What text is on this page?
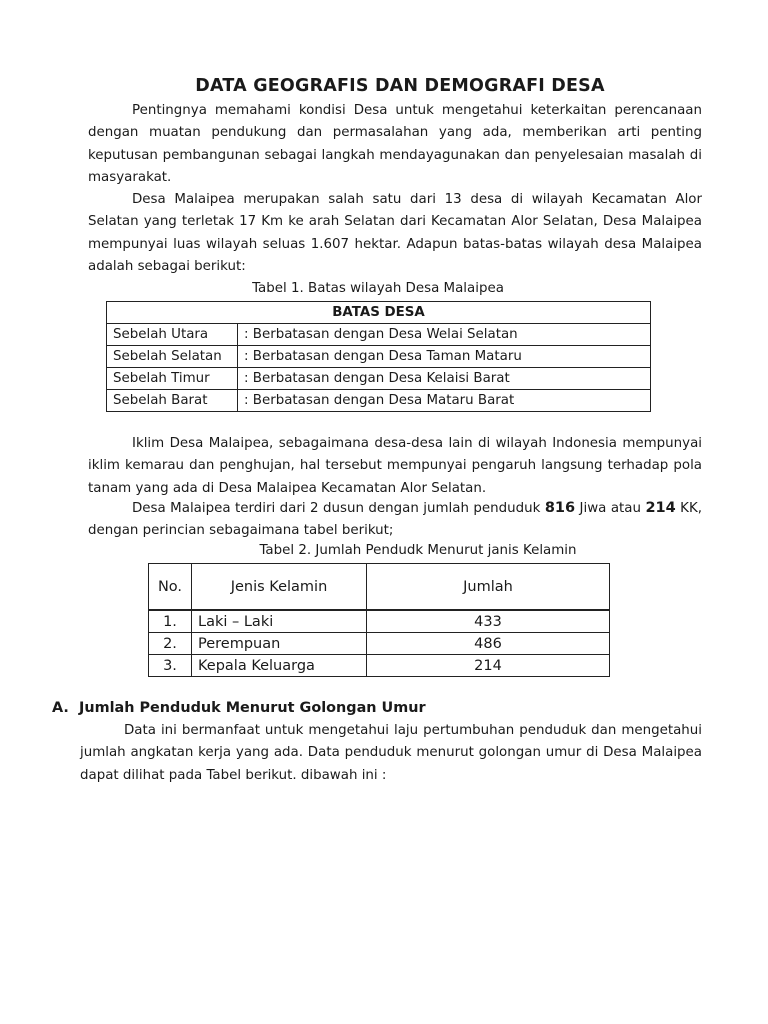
DATA GEOGRAFIS DAN DEMOGRAFI DESA
Pentingnya memahami kondisi Desa untuk mengetahui keterkaitan perencanaan dengan muatan pendukung dan permasalahan yang ada, memberikan arti penting keputusan pembangunan sebagai langkah mendayagunakan dan penyelesaian masalah di masyarakat.
Desa Malaipea merupakan salah satu dari 13 desa di wilayah Kecamatan Alor Selatan yang terletak 17 Km ke arah Selatan dari Kecamatan Alor Selatan, Desa Malaipea mempunyai luas wilayah seluas 1.607 hektar. Adapun batas-batas wilayah desa Malaipea adalah sebagai berikut:
Tabel 1. Batas wilayah Desa Malaipea
BATAS DESA	
Sebelah Utara	: Berbatasan dengan Desa Welai Selatan
Sebelah Selatan	: Berbatasan dengan Desa Taman Mataru
Sebelah Timur	: Berbatasan dengan Desa Kelaisi Barat
Sebelah Barat	: Berbatasan dengan Desa Mataru Barat
Iklim Desa Malaipea, sebagaimana desa-desa lain di wilayah Indonesia mempunyai iklim kemarau dan penghujan, hal tersebut mempunyai pengaruh langsung terhadap pola tanam yang ada di Desa Malaipea Kecamatan Alor Selatan.
Desa Malaipea terdiri dari 2 dusun dengan jumlah penduduk 816 Jiwa atau 214 KK, dengan perincian sebagaimana tabel berikut;
Tabel 2. Jumlah Pendudk Menurut janis Kelamin
No.	Jenis Kelamin	Jumlah
1.	Laki – Laki	433
2.	Perempuan	486
3.	Kepala Keluarga	214
A. Jumlah Penduduk Menurut Golongan Umur
Data ini bermanfaat untuk mengetahui laju pertumbuhan penduduk dan mengetahui jumlah angkatan kerja yang ada. Data penduduk menurut golongan umur di Desa Malaipea dapat dilihat pada Tabel berikut. dibawah ini :
